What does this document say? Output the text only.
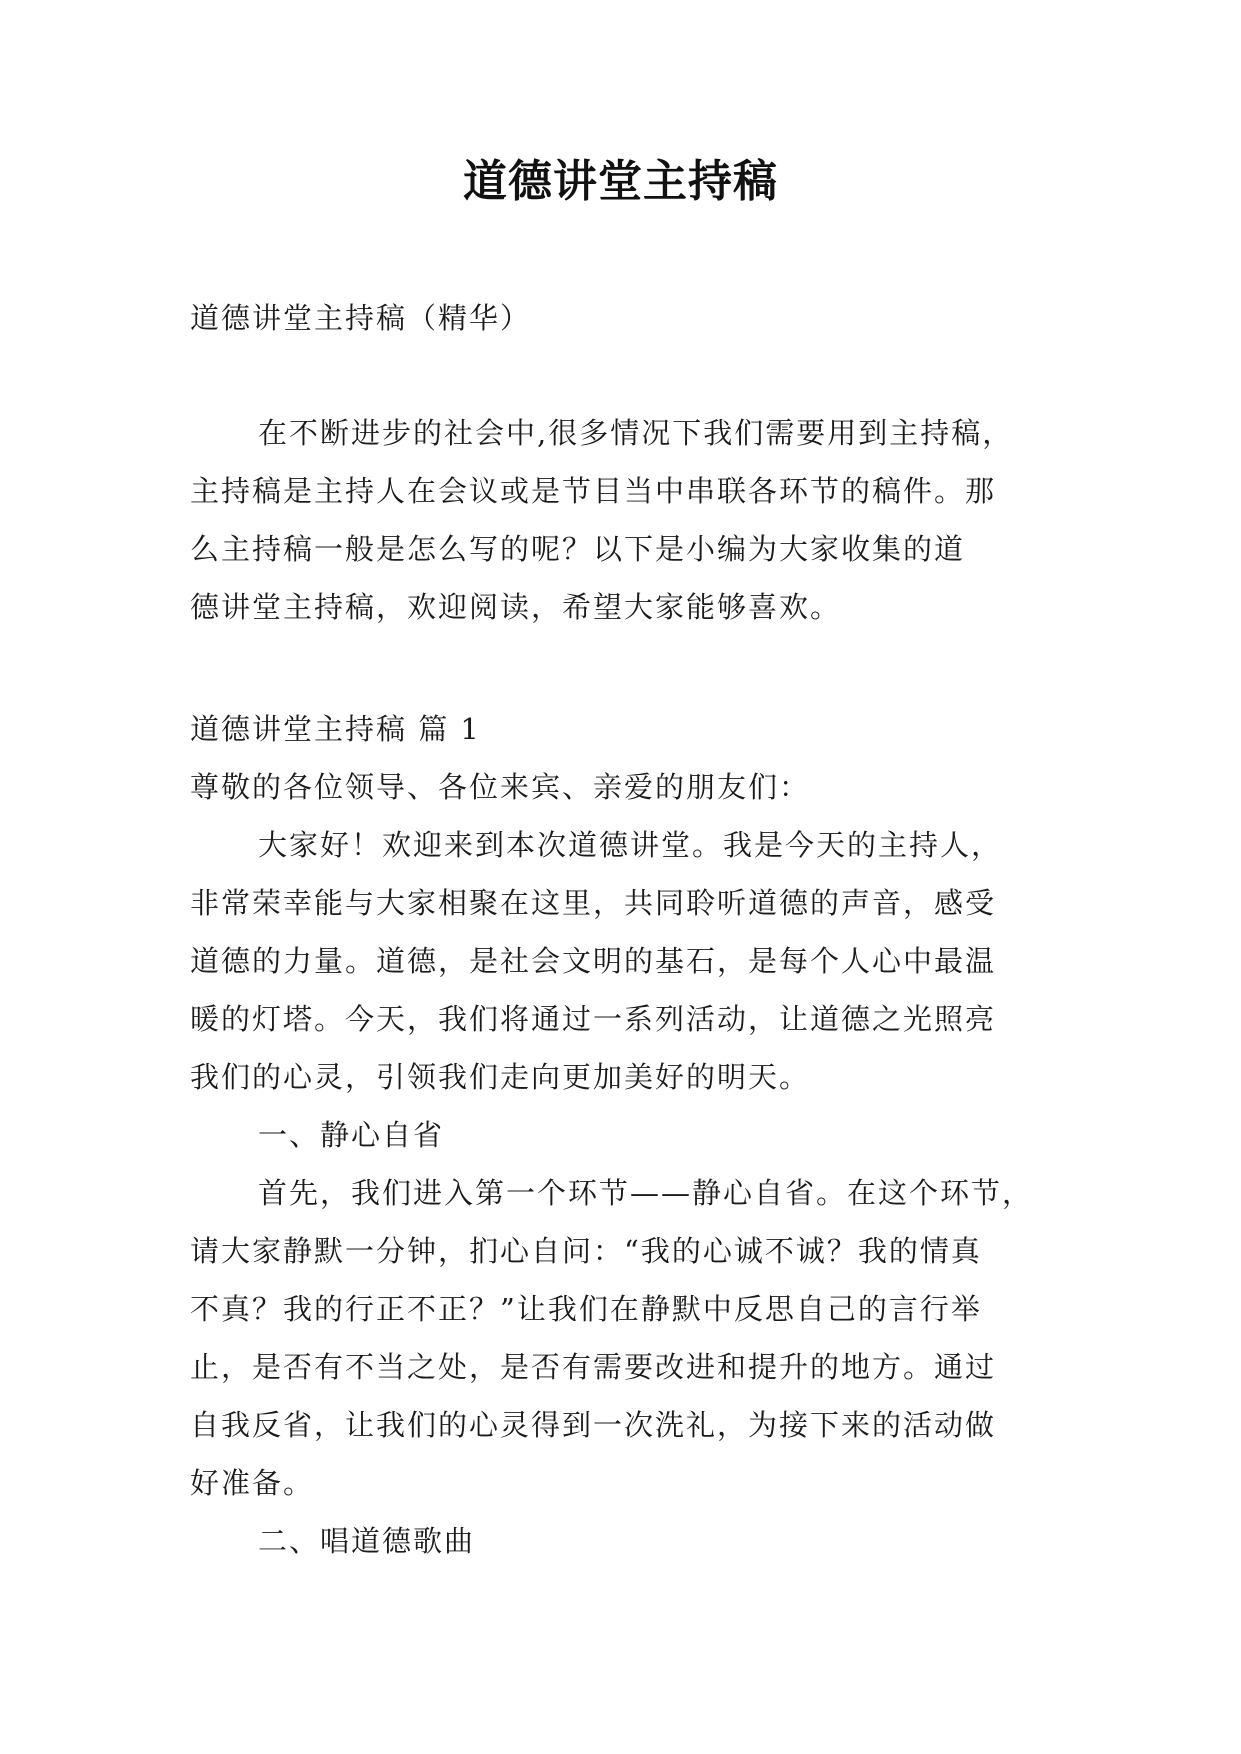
道德讲堂主持稿
道德讲堂主持稿（精华）
在不断进步的社会中,很多情况下我们需要用到主持稿，
主持稿是主持人在会议或是节目当中串联各环节的稿件。那
么主持稿一般是怎么写的呢？以下是小编为大家收集的道
德讲堂主持稿，欢迎阅读，希望大家能够喜欢。
道德讲堂主持稿 篇 1
尊敬的各位领导、各位来宾、亲爱的朋友们：
大家好！欢迎来到本次道德讲堂。我是今天的主持人，
非常荣幸能与大家相聚在这里，共同聆听道德的声音，感受
道德的力量。道德，是社会文明的基石，是每个人心中最温
暖的灯塔。今天，我们将通过一系列活动，让道德之光照亮
我们的心灵，引领我们走向更加美好的明天。
一、静心自省
首先，我们进入第一个环节——静心自省。在这个环节，
请大家静默一分钟，扪心自问：“我的心诚不诚？我的情真
不真？我的行正不正？”让我们在静默中反思自己的言行举
止，是否有不当之处，是否有需要改进和提升的地方。通过
自我反省，让我们的心灵得到一次洗礼，为接下来的活动做
好准备。
二、唱道德歌曲
